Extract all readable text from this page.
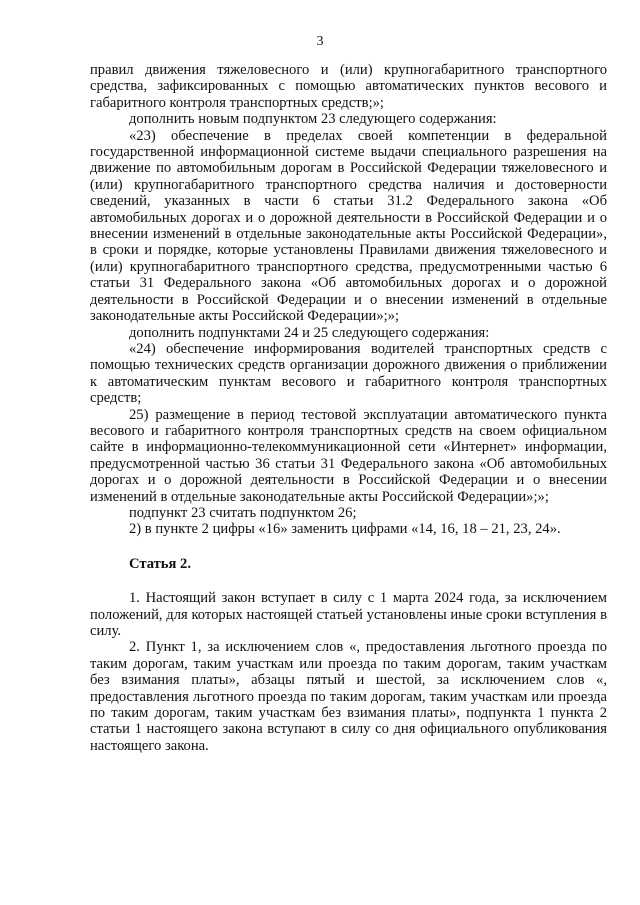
3

правил движения тяжеловесного и (или) крупногабаритного транспортного средства, зафиксированных с помощью автоматических пунктов весового и габаритного контроля транспортных средств;»;

дополнить новым подпунктом 23 следующего содержания:

«23) обеспечение в пределах своей компетенции в федеральной государственной информационной системе выдачи специального разрешения на движение по автомобильным дорогам в Российской Федерации тяжеловесного и (или) крупногабаритного транспортного средства наличия и достоверности сведений, указанных в части 6 статьи 31.2 Федерального закона «Об автомобильных дорогах и о дорожной деятельности в Российской Федерации и о внесении изменений в отдельные законодательные акты Российской Федерации», в сроки и порядке, которые установлены Правилами движения тяжеловесного и (или) крупногабаритного транспортного средства, предусмотренными частью 6 статьи 31 Федерального закона «Об автомобильных дорогах и о дорожной деятельности в Российской Федерации и о внесении изменений в отдельные законодательные акты Российской Федерации»;»;

дополнить подпунктами 24 и 25 следующего содержания:

«24) обеспечение информирования водителей транспортных средств с помощью технических средств организации дорожного движения о приближении к автоматическим пунктам весового и габаритного контроля транспортных средств;

25) размещение в период тестовой эксплуатации автоматического пункта весового и габаритного контроля транспортных средств на своем официальном сайте в информационно-телекоммуникационной сети «Интернет» информации, предусмотренной частью 36 статьи 31 Федерального закона «Об автомобильных дорогах и о дорожной деятельности в Российской Федерации и о внесении изменений в отдельные законодательные акты Российской Федерации»;»;

подпункт 23 считать подпунктом 26;

2) в пункте 2 цифры «16» заменить цифрами «14, 16, 18 – 21, 23, 24».

Статья 2.

1. Настоящий закон вступает в силу с 1 марта 2024 года, за исключением положений, для которых настоящей статьей установлены иные сроки вступления в силу.

2. Пункт 1, за исключением слов «, предоставления льготного проезда по таким дорогам, таким участкам или проезда по таким дорогам, таким участкам без взимания платы», абзацы пятый и шестой, за исключением слов «, предоставления льготного проезда по таким дорогам, таким участкам или проезда по таким дорогам, таким участкам без взимания платы», подпункта 1 пункта 2 статьи 1 настоящего закона вступают в силу со дня официального опубликования настоящего закона.
